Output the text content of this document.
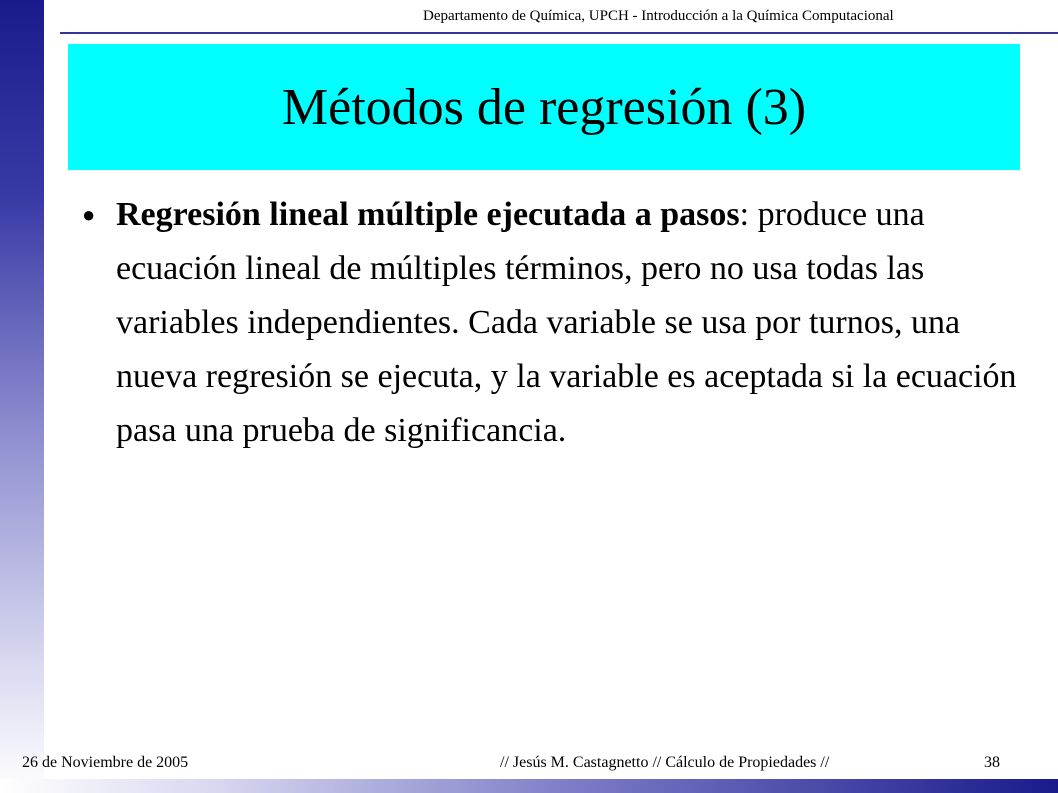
Departamento de Química, UPCH - Introducción a la Química Computacional
Métodos de regresión (3)
● Regresión lineal múltiple ejecutada a pasos: produce una ecuación lineal de múltiples términos, pero no usa todas las variables independientes. Cada variable se usa por turnos, una nueva regresión se ejecuta, y la variable es aceptada si la ecuación pasa una prueba de significancia.

26 de Noviembre de 2005	// Jesús M. Castagnetto // Cálculo de Propiedades //	38
